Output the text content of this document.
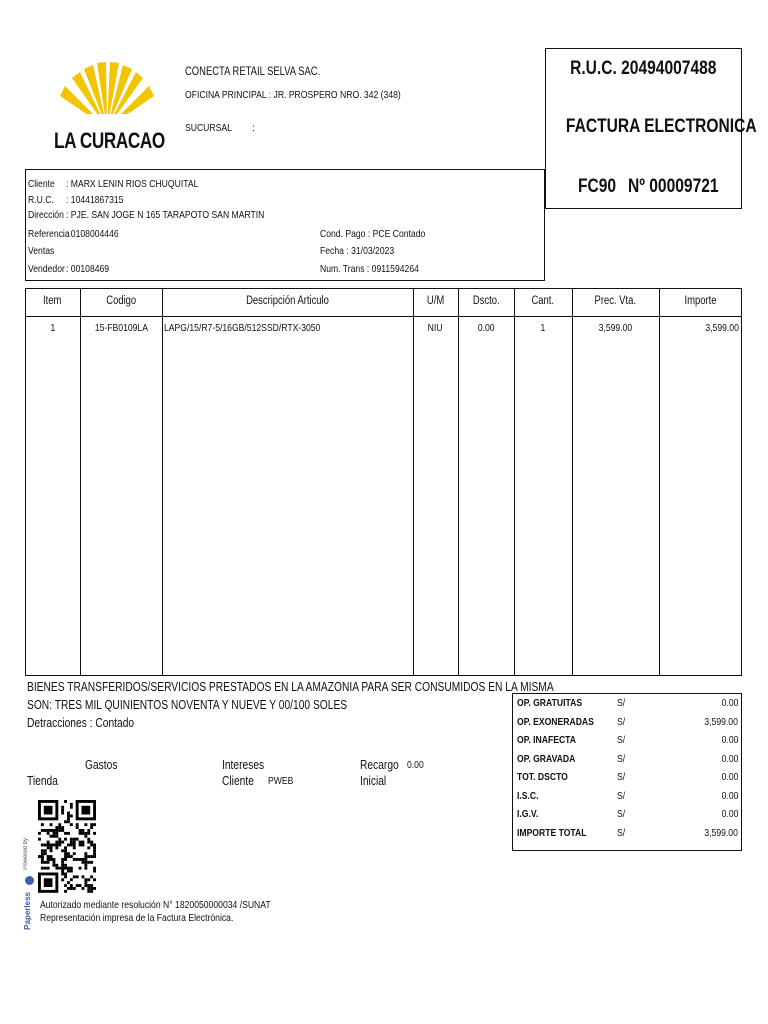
LA CURACAO
CONECTA RETAIL SELVA SAC.
OFICINA PRINCIPAL : JR. PROSPERO NRO. 342 (348)
SUCURSAL	:
R.U.C. 20494007488
FACTURA ELECTRONICA
FC90 Nº 00009721
Cliente	: MARX LENIN RIOS CHUQUITAL
R.U.C.	: 10441867315
Dirección : PJE. SAN JOGE N 165 TARAPOTO SAN MARTIN
Referencia
: 0108004446
Ventas
Vendedor : 00108469
Cond. Pago : PCE Contado
Fecha : 31/03/2023
Num. Trans : 0911594264
Item	Codigo	Descripción Articulo	U/M	Dscto.	Cant.	Prec. Vta.	Importe
1	15-FB0109LA	LAPG/15/R7-5/16GB/512SSD/RTX-3050	NIU	0.00	1	3,599.00	3,599.00
BIENES TRANSFERIDOS/SERVICIOS PRESTADOS EN LA AMAZONIA PARA SER CONSUMIDOS EN LA MISMA
SON: TRES MIL QUINIENTOS NOVENTA Y NUEVE Y 00/100 SOLES
Detracciones : Contado
Gastos
Tienda
Intereses
Cliente	PWEB
Recargo 0.00
Inicial
Powered by  Paperless Autorizado mediante resolución N° 1820050000034 /SUNAT
Representación impresa de la Factura Electrónica.
OP. GRATUITAS	S/	0.00
OP. EXONERADAS	S/	3,599.00
OP. INAFECTA	S/	0.00
OP. GRAVADA	S/	0.00
TOT. DSCTO	S/	0.00
I.S.C.	S/	0.00
I.G.V.	S/	0.00
IMPORTE TOTAL	S/	3,599.00
